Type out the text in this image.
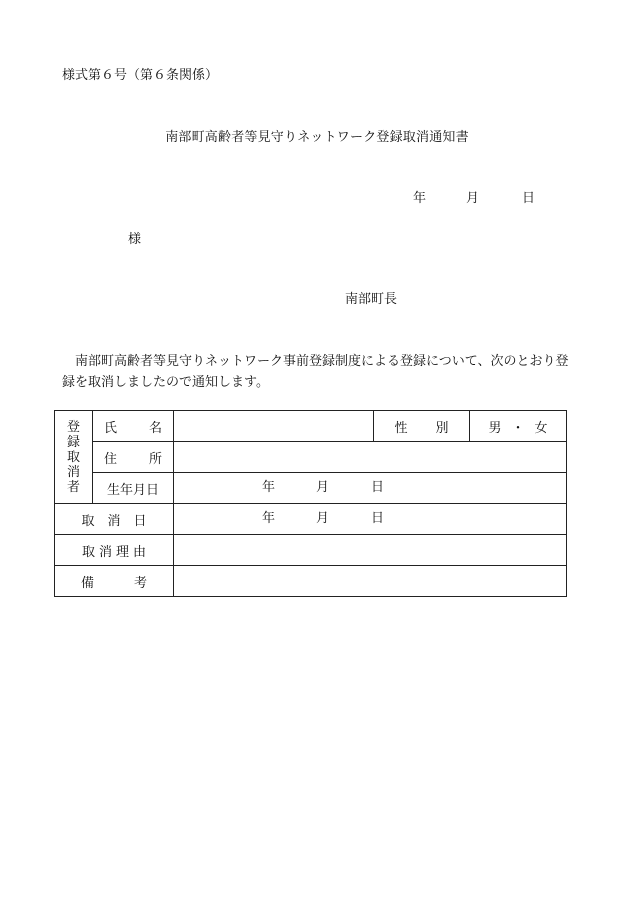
様式第６号（第６条関係）
南部町高齢者等見守りネットワーク登録取消通知書
年	月	日
様
南部町長
南部町高齢者等見守りネットワーク事前登録制度による登録について、次のとおり登録を取消しましたので通知します。
登
録
取
消
者	氏 名		性 別	男 ・ 女
	住 所			
	生年月日	年 月 日		

取 消 日		年 月 日		

取 消 理 由				
備 考				
